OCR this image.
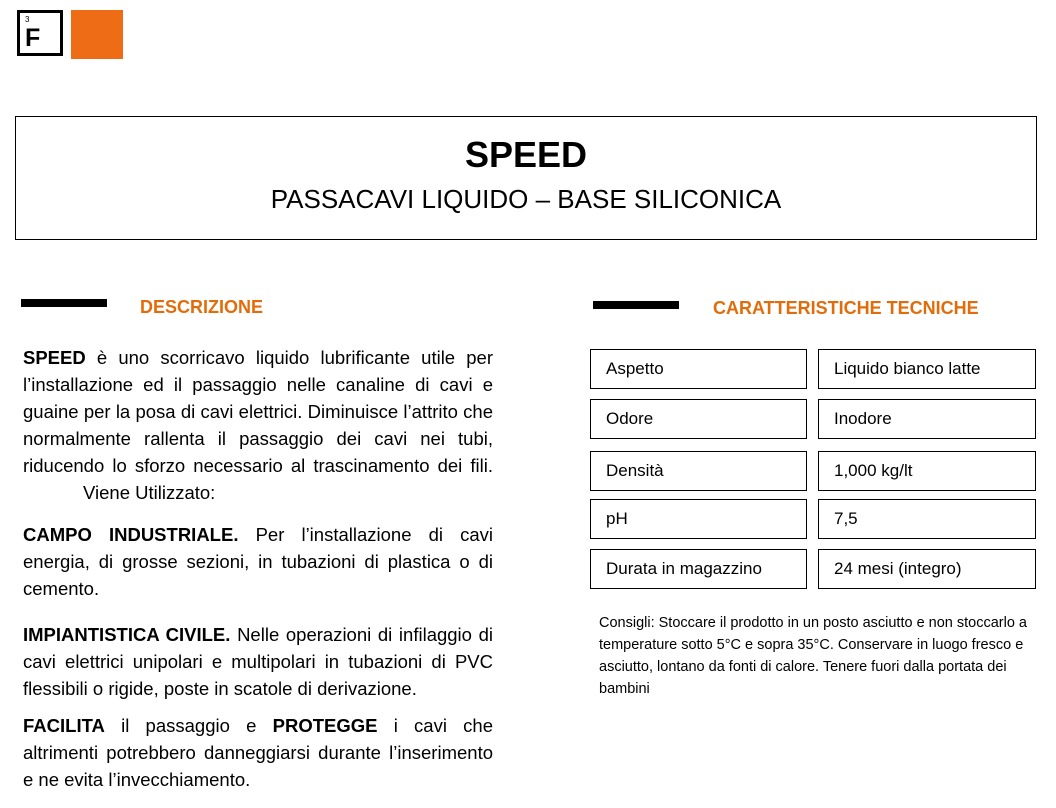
3
F
SPEED
PASSACAVI LIQUIDO – BASE SILICONICA
DESCRIZIONE	CARATTERISTICHE TECNICHE

SPEED è uno scorricavo liquido lubrificante utile per l’installazione ed il passaggio nelle canaline di cavi e guaine per la posa di cavi elettrici. Diminuisce l’attrito che normalmente rallenta il passaggio dei cavi nei tubi, riducendo lo sforzo necessario al trascinamento dei fili.Viene Utilizzato:

CAMPO INDUSTRIALE. Per l’installazione di cavi energia, di grosse sezioni, in tubazioni di plastica o di cemento.

IMPIANTISTICA CIVILE. Nelle operazioni di infilaggio di cavi elettrici unipolari e multipolari in tubazioni di PVC flessibili o rigide, poste in scatole di derivazione.

FACILITA il passaggio e PROTEGGE i cavi che altrimenti potrebbero danneggiarsi durante l’inserimento e ne evita l’invecchiamento.

Aspetto	Liquido bianco latte
Odore	Inodore
Densità	1,000 kg/lt
pH	7,5
Durata in magazzino	24 mesi (integro)
Consigli: Stoccare il prodotto in un posto asciutto e non stoccarlo a temperature sotto 5°C e sopra 35°C. Conservare in luogo fresco e asciutto, lontano da fonti di calore. Tenere fuori dalla portata dei bambini
